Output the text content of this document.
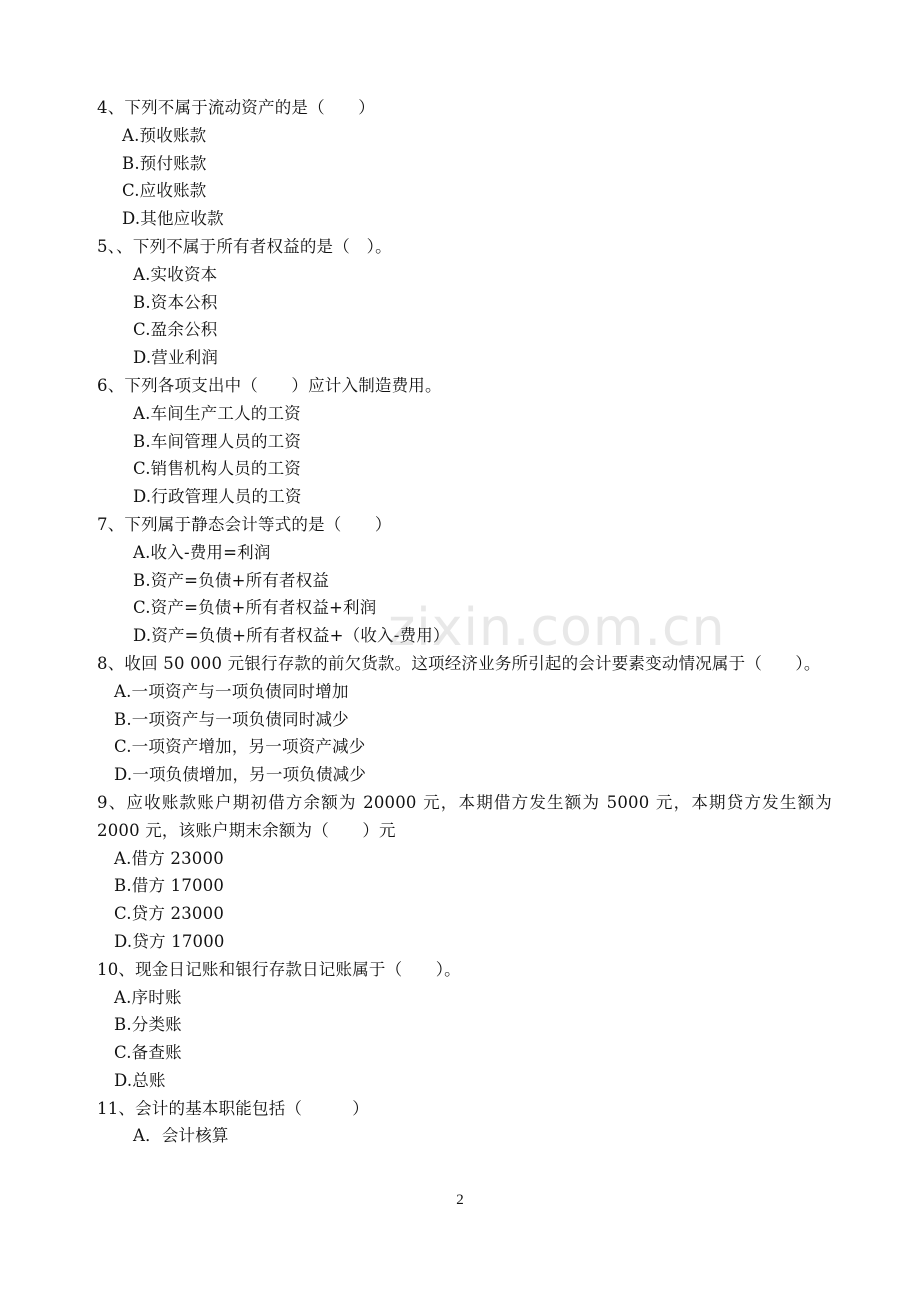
4、下列不属于流动资产的是（　　）

A.预收账款

B.预付账款

C.应收账款

D.其他应收款

5、、下列不属于所有者权益的是（　）。

A.实收资本

B.资本公积

C.盈余公积

D.营业利润

6、下列各项支出中（　　）应计入制造费用。

A.车间生产工人的工资

B.车间管理人员的工资

C.销售机构人员的工资

D.行政管理人员的工资

7、下列属于静态会计等式的是（　　）

A.收入-费用=利润

B.资产=负债+所有者权益

C.资产=负债+所有者权益+利润

D.资产=负债+所有者权益+（收入-费用）

8、收回 50 000 元银行存款的前欠货款。这项经济业务所引起的会计要素变动情况属于（　　）。

A.一项资产与一项负债同时增加

B.一项资产与一项负债同时减少

C.一项资产增加，另一项资产减少

D.一项负债增加，另一项负债减少

9、应收账款账户期初借方余额为 20000 元，本期借方发生额为 5000 元，本期贷方发生额为 2000 元，该账户期末余额为（　　）元

A.借方 23000

B.借方 17000

C.贷方 23000

D.贷方 17000

10、现金日记账和银行存款日记账属于（　　）。

A.序时账

B.分类账

C.备查账

D.总账

11、会计的基本职能包括（　　　）

A．会计核算

zixin.com.cn
2
